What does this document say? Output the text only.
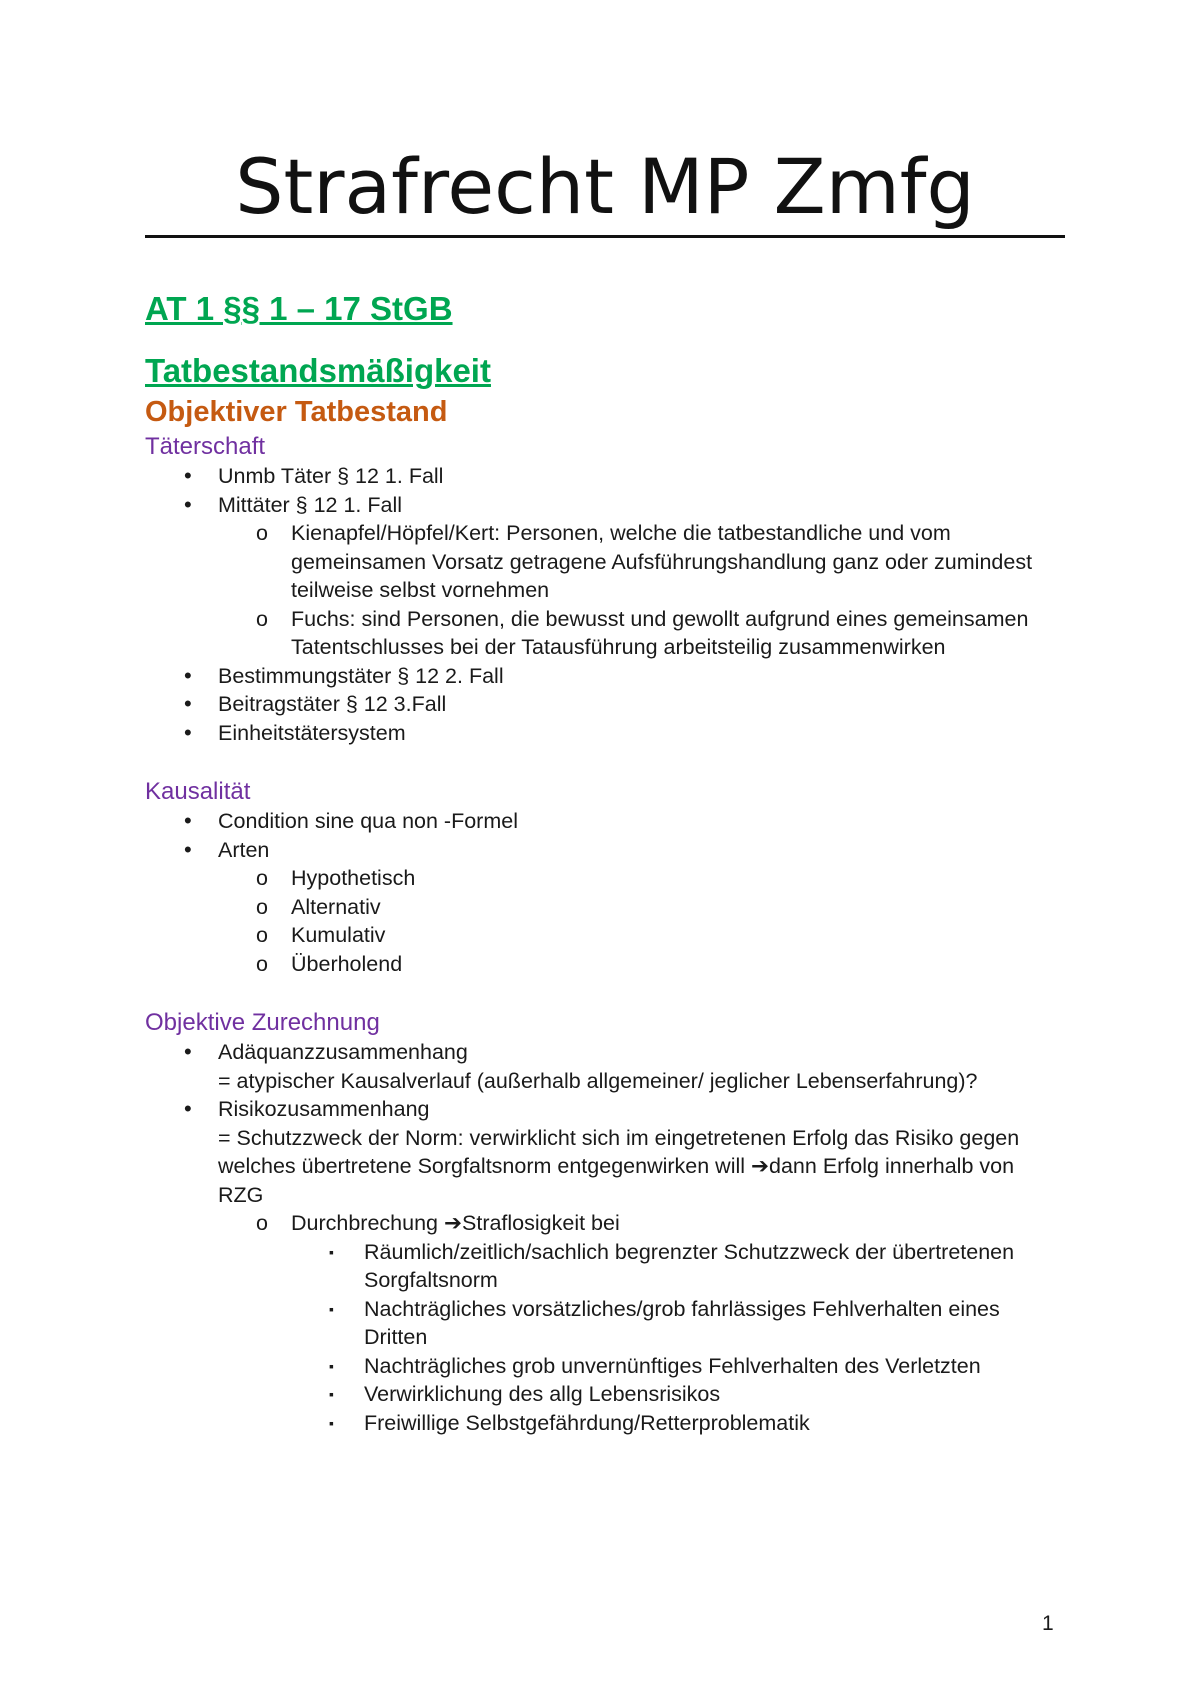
Strafrecht MP Zmfg
AT 1 §§ 1 – 17 StGB
Tatbestandsmäßigkeit
Objektiver Tatbestand
Täterschaft
• Unmb Täter § 12 1. Fall
• Mittäter § 12 1. Fall
o Kienapfel/Höpfel/Kert: Personen, welche die tatbestandliche und vom gemeinsamen Vorsatz getragene Aufsführungshandlung ganz oder zumindest teilweise selbst vornehmen
o Fuchs: sind Personen, die bewusst und gewollt aufgrund eines gemeinsamen Tatentschlusses bei der Tatausführung arbeitsteilig zusammenwirken
• Bestimmungstäter § 12 2. Fall
• Beitragstäter § 12 3.Fall
• Einheitstätersystem
Kausalität
• Condition sine qua non -Formel
• Arten
o Hypothetisch
o Alternativ
o Kumulativ
o Überholend
Objektive Zurechnung
• Adäquanzzusammenhang
= atypischer Kausalverlauf (außerhalb allgemeiner/ jeglicher Lebenserfahrung)?
• Risikozusammenhang
= Schutzzweck der Norm: verwirklicht sich im eingetretenen Erfolg das Risiko gegen welches übertretene Sorgfaltsnorm entgegenwirken will ➔dann Erfolg innerhalb von RZG
o Durchbrechung ➔Straflosigkeit bei
▪ Räumlich/zeitlich/sachlich begrenzter Schutzzweck der übertretenen Sorgfaltsnorm
▪ Nachträgliches vorsätzliches/grob fahrlässiges Fehlverhalten eines Dritten
▪ Nachträgliches grob unvernünftiges Fehlverhalten des Verletzten
▪ Verwirklichung des allg Lebensrisikos
▪ Freiwillige Selbstgefährdung/Retterproblematik
1
